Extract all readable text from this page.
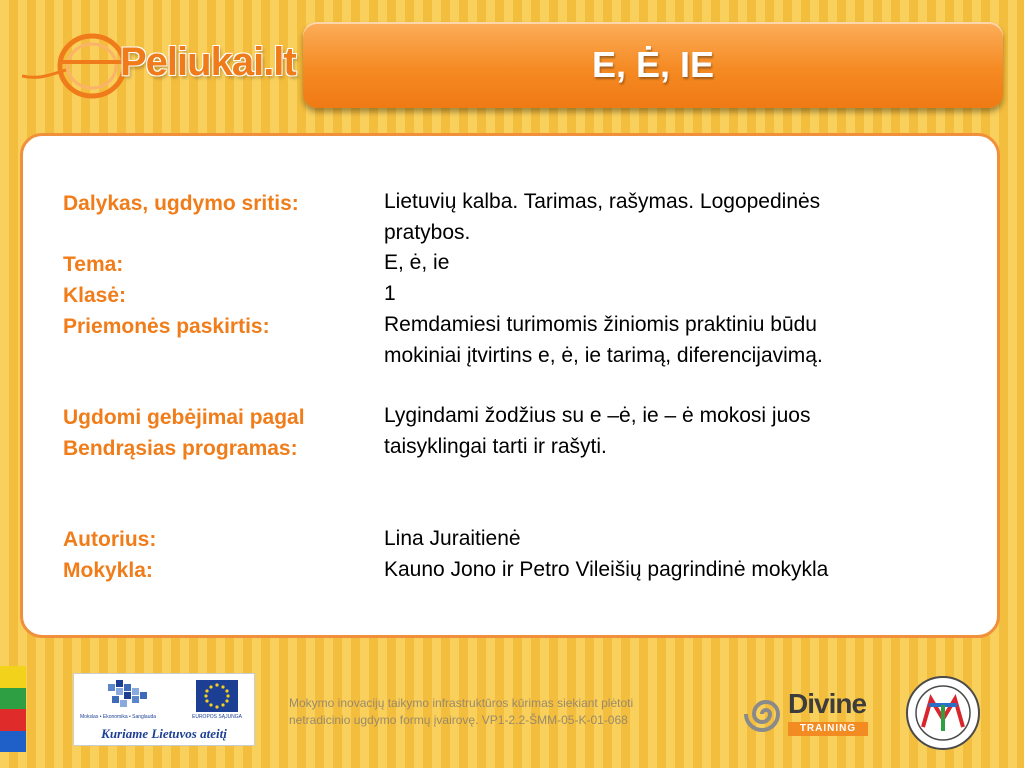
Peliukai.lt	E, Ė, IE
Dalykas, ugdymo sritis:	Lietuvių kalba. Tarimas, rašymas. Logopedinės
pratybos.
Tema:	E, ė, ie
Klasė:	1
Priemonės paskirtis:	Remdamiesi turimomis žiniomis praktiniu būdu
mokiniai įtvirtins e, ė, ie tarimą, diferencijavimą.
Ugdomi gebėjimai pagal
Bendrąsias programas:
Lygindami žodžius su e –ė, ie – ė mokosi juos
taisyklingai tarti ir rašyti.
Autorius:	Lina Juraitienė
Mokykla:	Kauno Jono ir Petro Vileišių pagrindinė mokykla
Mokslas • Ekonomika • Sanglauda	EUROPOS SĄJUNGA
Kuriame Lietuvos ateitį
Mokymo inovacijų taikymo infrastruktūros kūrimas siekiant plėtoti
netradicinio ugdymo formų įvairovę. VP1-2.2-ŠMM-05-K-01-068
Divine
TRAINING
